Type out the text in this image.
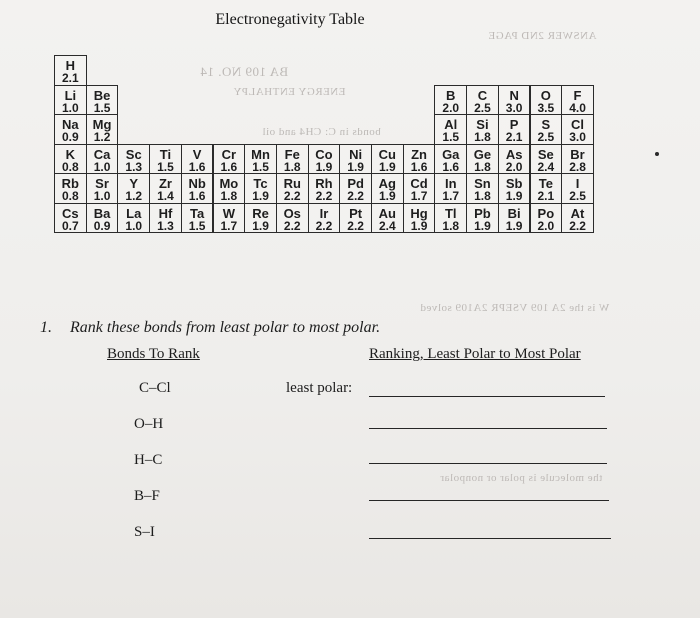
ANSWER 2ND PAGE
BA 109 NO. 14
ENERGY ENTHALPY
bonds in C: CH4 and oil
the molecule is polar or nonpolar
W is the 2A 109 VSEPR 2A109 solved
Electronegativity Table
H
2.1
Li
1.0
Be
1.5
B
2.0
C
2.5
N
3.0
O
3.5
F
4.0
Na
0.9
Mg
1.2
Al
1.5
Si
1.8
P
2.1
S
2.5
Cl
3.0
K
0.8
Ca
1.0
Sc
1.3
Ti
1.5
V
1.6
Cr
1.6
Mn
1.5
Fe
1.8
Co
1.9
Ni
1.9
Cu
1.9
Zn
1.6
Ga
1.6
Ge
1.8
As
2.0
Se
2.4
Br
2.8
Rb
0.8
Sr
1.0
Y
1.2
Zr
1.4
Nb
1.6
Mo
1.8
Tc
1.9
Ru
2.2
Rh
2.2
Pd
2.2
Ag
1.9
Cd
1.7
In
1.7
Sn
1.8
Sb
1.9
Te
2.1
I
2.5
Cs
0.7
Ba
0.9
La
1.0
Hf
1.3
Ta
1.5
W
1.7
Re
1.9
Os
2.2
Ir
2.2
Pt
2.2
Au
2.4
Hg
1.9
Tl
1.8
Pb
1.9
Bi
1.9
Po
2.0
At
2.2
1. Rank these bonds from least polar to most polar.
Bonds To Rank	Ranking, Least Polar to Most Polar
C–Cl
O–H
H–C
B–F
S–I
least polar:
